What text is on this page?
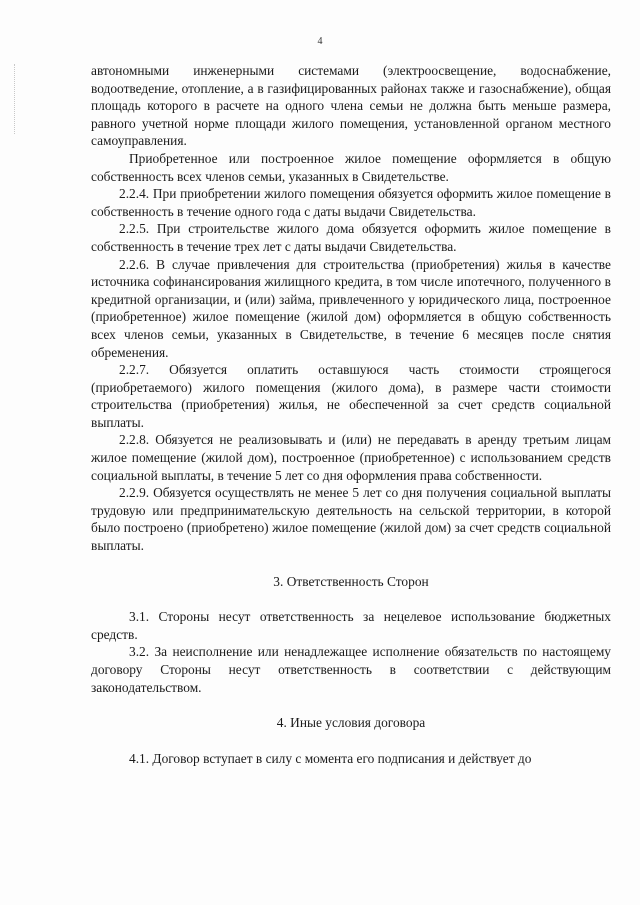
4

автономными инженерными системами (электроосвещение, водоснабжение, водоотведение, отопление, а в газифицированных районах также и газоснабжение), общая площадь которого в расчете на одного члена семьи не должна быть меньше размера, равного учетной норме площади жилого помещения, установленной органом местного самоуправления.

Приобретенное или построенное жилое помещение оформляется в общую собственность всех членов семьи, указанных в Свидетельстве.

2.2.4. При приобретении жилого помещения обязуется оформить жилое помещение в собственность в течение одного года с даты выдачи Свидетельства.

2.2.5. При строительстве жилого дома обязуется оформить жилое помещение в собственность в течение трех лет с даты выдачи Свидетельства.

2.2.6. В случае привлечения для строительства (приобретения) жилья в качестве источника софинансирования жилищного кредита, в том числе ипотечного, полученного в кредитной организации, и (или) займа, привлеченного у юридического лица, построенное (приобретенное) жилое помещение (жилой дом) оформляется в общую собственность всех членов семьи, указанных в Свидетельстве, в течение 6 месяцев после снятия обременения.

2.2.7. Обязуется оплатить оставшуюся часть стоимости строящегося (приобретаемого) жилого помещения (жилого дома), в размере части стоимости строительства (приобретения) жилья, не обеспеченной за счет средств социальной выплаты.

2.2.8. Обязуется не реализовывать и (или) не передавать в аренду третьим лицам жилое помещение (жилой дом), построенное (приобретенное) с использованием средств социальной выплаты, в течение 5 лет со дня оформления права собственности.

2.2.9. Обязуется осуществлять не менее 5 лет со дня получения социальной выплаты трудовую или предпринимательскую деятельность на сельской территории, в которой было построено (приобретено) жилое помещение (жилой дом) за счет средств социальной выплаты.

3. Ответственность Сторон

3.1. Стороны несут ответственность за нецелевое использование бюджетных средств.

3.2. За неисполнение или ненадлежащее исполнение обязательств по настоящему договору Стороны несут ответственность в соответствии с действующим законодательством.

4. Иные условия договора

4.1. Договор вступает в силу с момента его подписания и действует до
